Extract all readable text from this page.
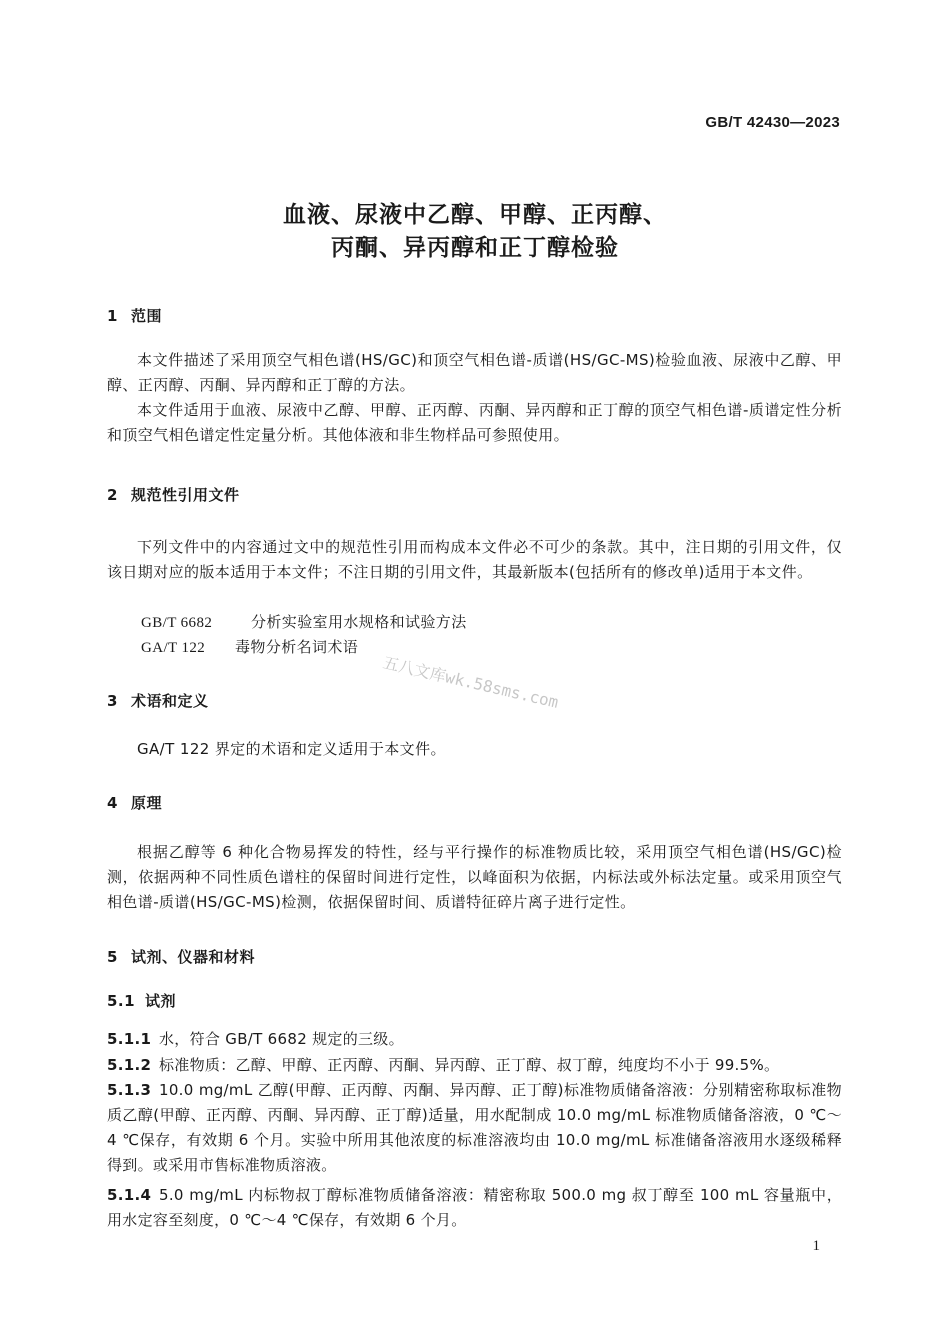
GB/T 42430—2023
血液、尿液中乙醇、甲醇、正丙醇、
丙酮、异丙醇和正丁醇检验
1 范围
本文件描述了采用顶空气相色谱(HS/GC)和顶空气相色谱-质谱(HS/GC-MS)检验血液、尿液中乙醇、甲醇、正丙醇、丙酮、异丙醇和正丁醇的方法。
本文件适用于血液、尿液中乙醇、甲醇、正丙醇、丙酮、异丙醇和正丁醇的顶空气相色谱-质谱定性分析和顶空气相色谱定性定量分析。其他体液和非生物样品可参照使用。
2 规范性引用文件
下列文件中的内容通过文中的规范性引用而构成本文件必不可少的条款。其中，注日期的引用文件，仅该日期对应的版本适用于本文件；不注日期的引用文件，其最新版本(包括所有的修改单)适用于本文件。
GB/T 6682	分析实验室用水规格和试验方法
GA/T 122 毒物分析名词术语
3 术语和定义
GA/T 122 界定的术语和定义适用于本文件。
4 原理
根据乙醇等 6 种化合物易挥发的特性，经与平行操作的标准物质比较，采用顶空气相色谱(HS/GC)检测，依据两种不同性质色谱柱的保留时间进行定性，以峰面积为依据，内标法或外标法定量。或采用顶空气相色谱-质谱(HS/GC-MS)检测，依据保留时间、质谱特征碎片离子进行定性。
5 试剂、仪器和材料
5.1 试剂
5.1.1 水，符合 GB/T 6682 规定的三级。
5.1.2 标准物质：乙醇、甲醇、正丙醇、丙酮、异丙醇、正丁醇、叔丁醇，纯度均不小于 99.5%。
5.1.3 10.0 mg/mL 乙醇(甲醇、正丙醇、丙酮、异丙醇、正丁醇)标准物质储备溶液：分别精密称取标准物质乙醇(甲醇、正丙醇、丙酮、异丙醇、正丁醇)适量，用水配制成 10.0 mg/mL 标准物质储备溶液，0 ℃～4 ℃保存，有效期 6 个月。实验中所用其他浓度的标准溶液均由 10.0 mg/mL 标准储备溶液用水逐级稀释得到。或采用市售标准物质溶液。
5.1.4 5.0 mg/mL 内标物叔丁醇标准物质储备溶液：精密称取 500.0 mg 叔丁醇至 100 mL 容量瓶中，用水定容至刻度，0 ℃～4 ℃保存，有效期 6 个月。
五八文库wk.58sms.com
1
